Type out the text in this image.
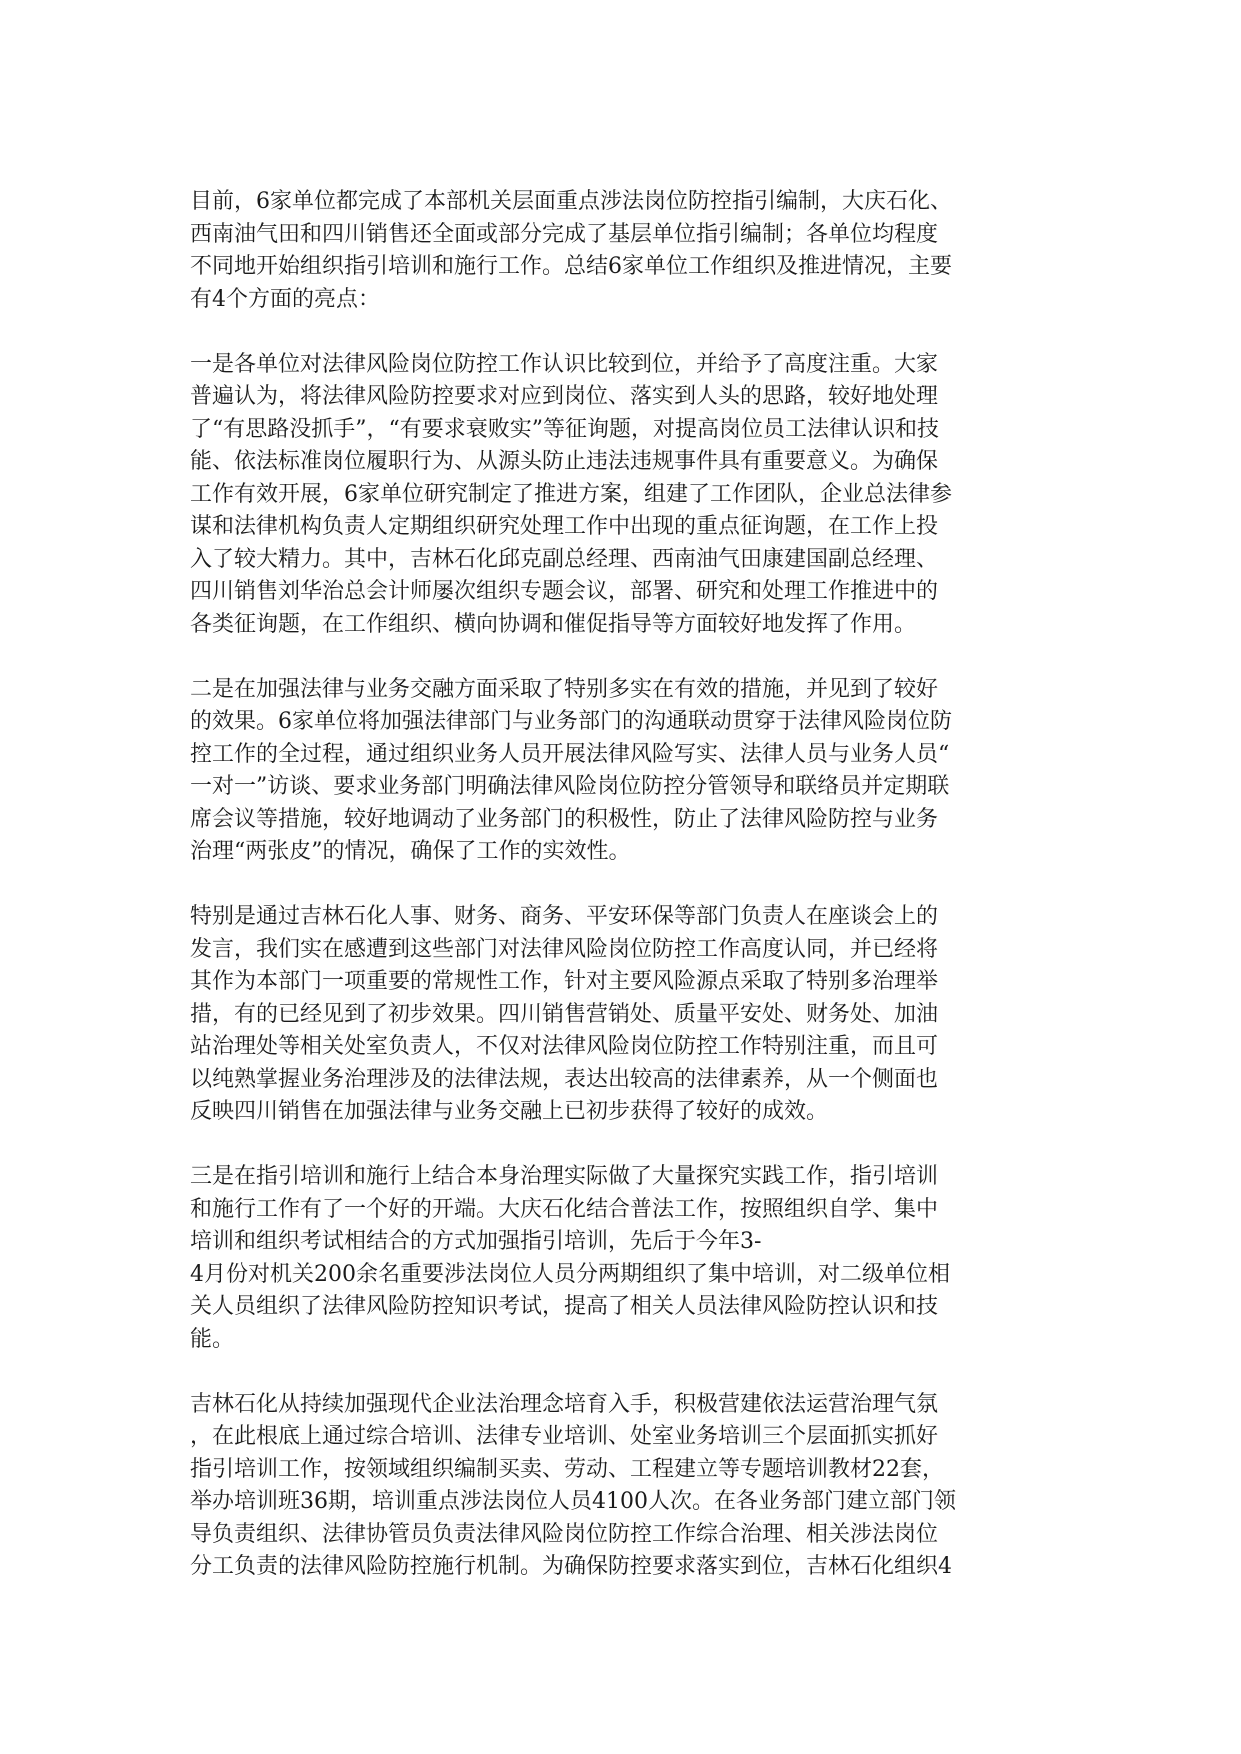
目前，6家单位都完成了本部机关层面重点涉法岗位防控指引编制，大庆石化、
西南油气田和四川销售还全面或部分完成了基层单位指引编制；各单位均程度
不同地开始组织指引培训和施行工作。总结6家单位工作组织及推进情况，主要
有4个方面的亮点：

一是各单位对法律风险岗位防控工作认识比较到位，并给予了高度注重。大家
普遍认为，将法律风险防控要求对应到岗位、落实到人头的思路，较好地处理
了“有思路没抓手”，“有要求衰败实”等征询题，对提高岗位员工法律认识和技
能、依法标准岗位履职行为、从源头防止违法违规事件具有重要意义。为确保
工作有效开展，6家单位研究制定了推进方案，组建了工作团队，企业总法律参
谋和法律机构负责人定期组织研究处理工作中出现的重点征询题，在工作上投
入了较大精力。其中，吉林石化邱克副总经理、西南油气田康建国副总经理、
四川销售刘华治总会计师屡次组织专题会议，部署、研究和处理工作推进中的
各类征询题，在工作组织、横向协调和催促指导等方面较好地发挥了作用。

二是在加强法律与业务交融方面采取了特别多实在有效的措施，并见到了较好
的效果。6家单位将加强法律部门与业务部门的沟通联动贯穿于法律风险岗位防
控工作的全过程，通过组织业务人员开展法律风险写实、法律人员与业务人员“
一对一”访谈、要求业务部门明确法律风险岗位防控分管领导和联络员并定期联
席会议等措施，较好地调动了业务部门的积极性，防止了法律风险防控与业务
治理“两张皮”的情况，确保了工作的实效性。

特别是通过吉林石化人事、财务、商务、平安环保等部门负责人在座谈会上的
发言，我们实在感遭到这些部门对法律风险岗位防控工作高度认同，并已经将
其作为本部门一项重要的常规性工作，针对主要风险源点采取了特别多治理举
措，有的已经见到了初步效果。四川销售营销处、质量平安处、财务处、加油
站治理处等相关处室负责人，不仅对法律风险岗位防控工作特别注重，而且可
以纯熟掌握业务治理涉及的法律法规，表达出较高的法律素养，从一个侧面也
反映四川销售在加强法律与业务交融上已初步获得了较好的成效。

三是在指引培训和施行上结合本身治理实际做了大量探究实践工作，指引培训
和施行工作有了一个好的开端。大庆石化结合普法工作，按照组织自学、集中
培训和组织考试相结合的方式加强指引培训，先后于今年3-
4月份对机关200余名重要涉法岗位人员分两期组织了集中培训，对二级单位相
关人员组织了法律风险防控知识考试，提高了相关人员法律风险防控认识和技
能。

吉林石化从持续加强现代企业法治理念培育入手，积极营建依法运营治理气氛
，在此根底上通过综合培训、法律专业培训、处室业务培训三个层面抓实抓好
指引培训工作，按领域组织编制买卖、劳动、工程建立等专题培训教材22套，
举办培训班36期，培训重点涉法岗位人员4100人次。在各业务部门建立部门领
导负责组织、法律协管员负责法律风险岗位防控工作综合治理、相关涉法岗位
分工负责的法律风险防控施行机制。为确保防控要求落实到位，吉林石化组织4
